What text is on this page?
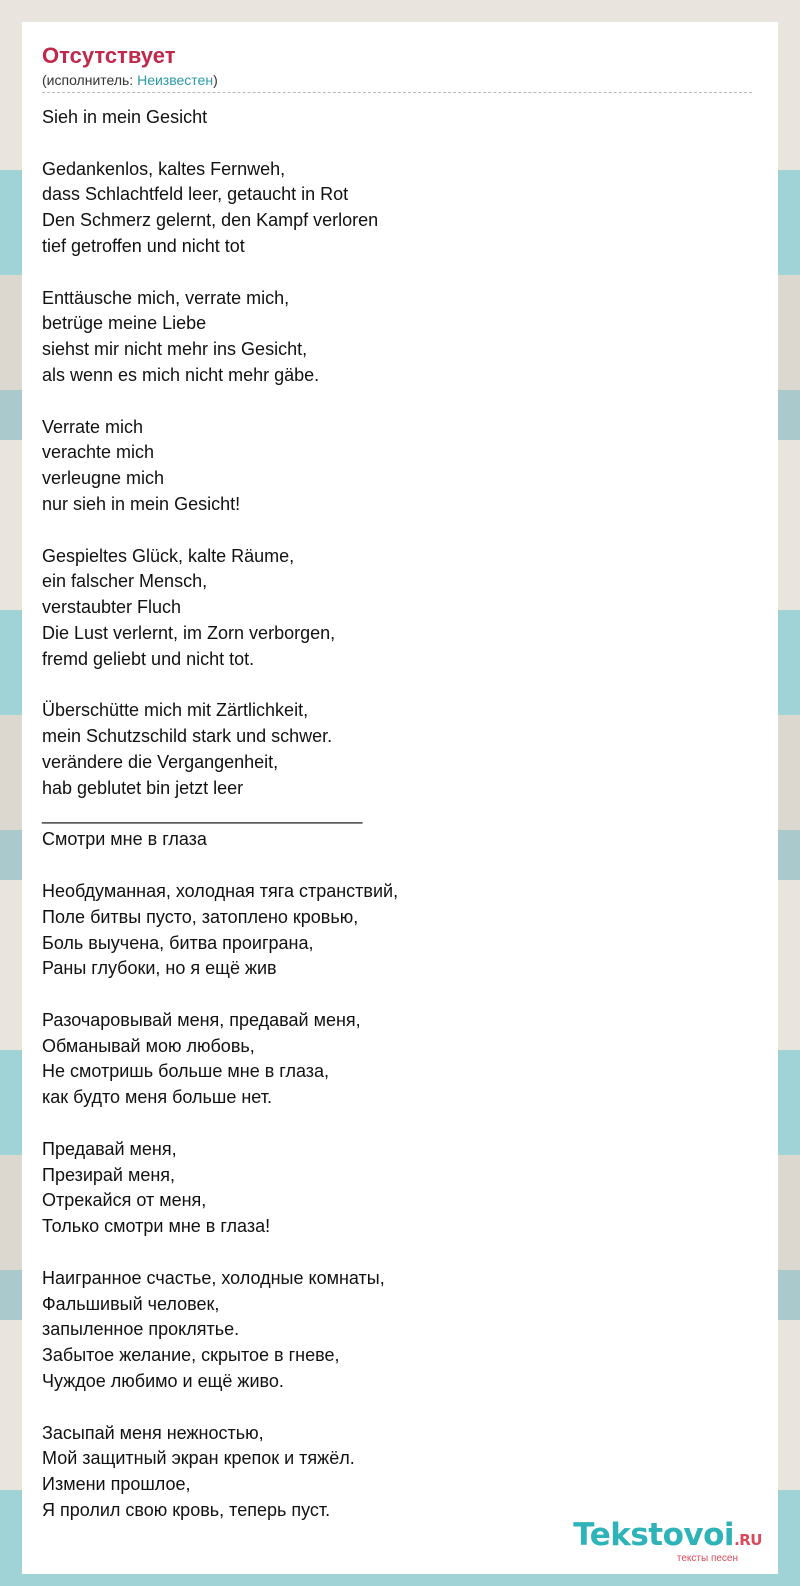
Отсутствует
(исполнитель: Неизвестен)
Sieh in mein Gesicht
Gedankenlos, kaltes Fernweh,
dass Schlachtfeld leer, getaucht in Rot
Den Schmerz gelernt, den Kampf verloren
tief getroffen und nicht tot
Enttäusche mich, verrate mich,
betrüge meine Liebe
siehst mir nicht mehr ins Gesicht,
als wenn es mich nicht mehr gäbe.
Verrate mich
verachte mich
verleugne mich
nur sieh in mein Gesicht!
Gespieltes Glück, kalte Räume,
ein falscher Mensch,
verstaubter Fluch
Die Lust verlernt, im Zorn verborgen,
fremd geliebt und nicht tot.
Überschütte mich mit Zärtlichkeit,
mein Schutzschild stark und schwer.
verändere die Vergangenheit,
hab geblutet bin jetzt leer
________________________________
Смотри мне в глаза
Необдуманная, холодная тяга странствий,
Поле битвы пусто, затоплено кровью,
Боль выучена, битва проиграна,
Раны глубоки, но я ещё жив
Разочаровывай меня, предавай меня,
Обманывай мою любовь,
Не смотришь больше мне в глаза,
как будто меня больше нет.
Предавай меня,
Презирай меня,
Отрекайся от меня,
Только смотри мне в глаза!
Наигранное счастье, холодные комнаты,
Фальшивый человек,
запыленное проклятье.
Забытое желание, скрытое в гневе,
Чуждое любимо и ещё живо.
Засыпай меня нежностью,
Мой защитный экран крепок и тяжёл.
Измени прошлое,
Я пролил свою кровь, теперь пуст.
Tekstovoi.RU
тексты песен
